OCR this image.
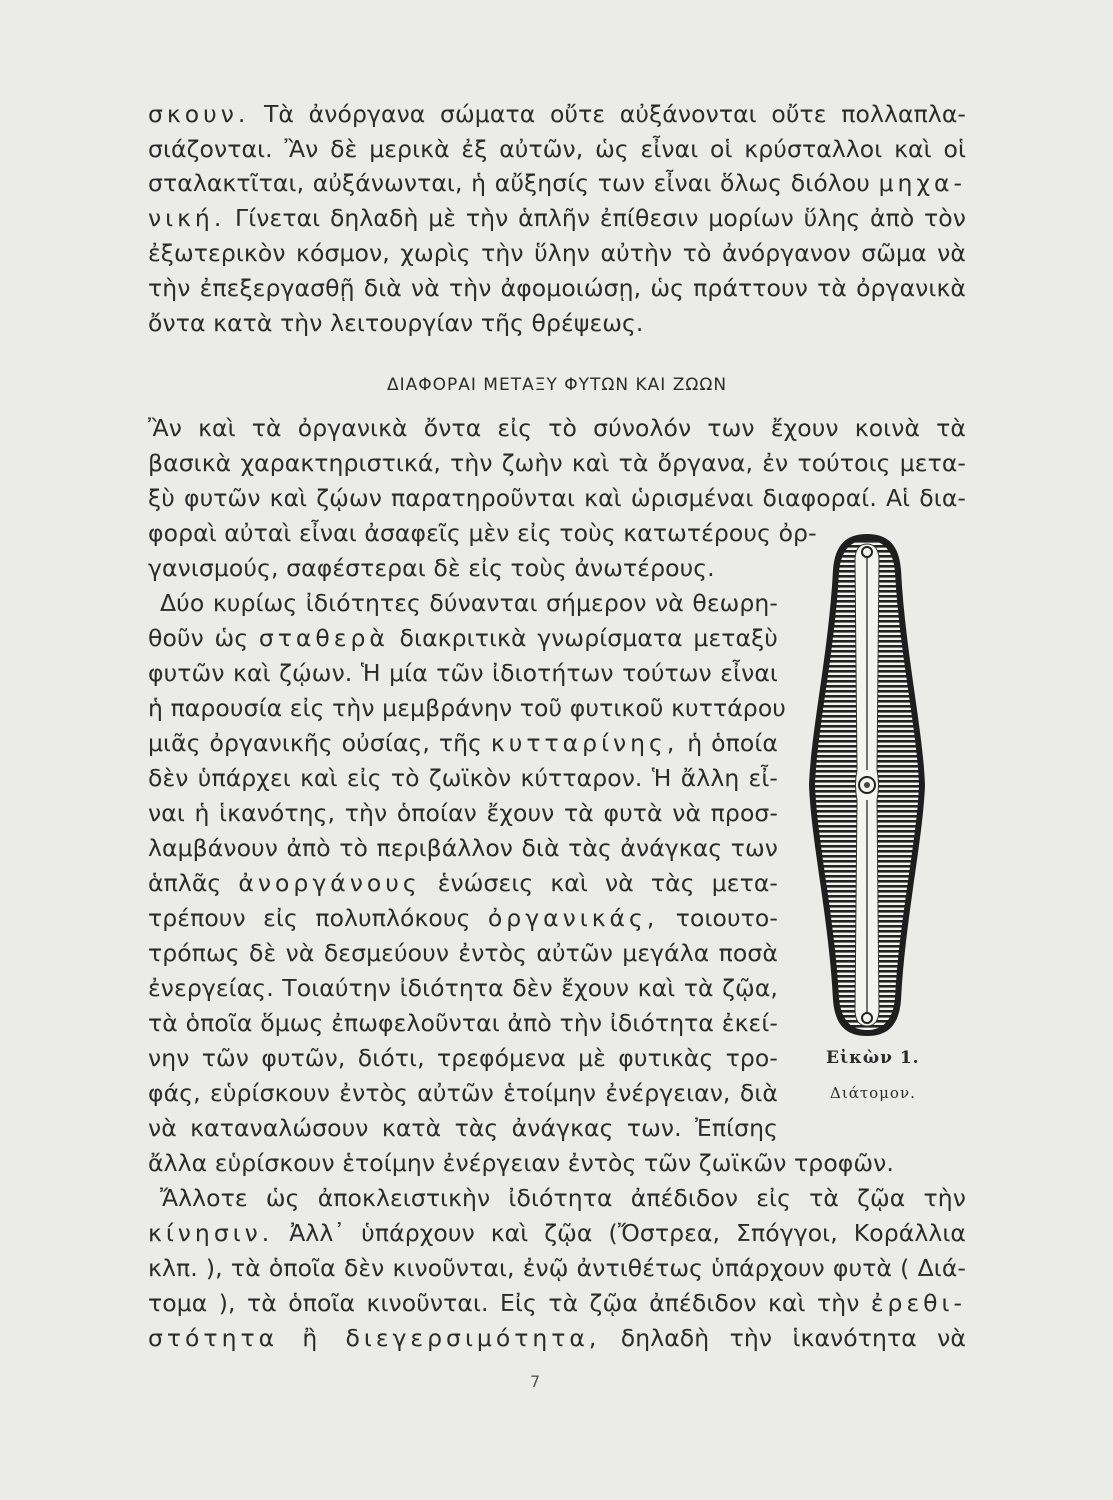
σκουν. Τὰ ἀνόργανα σώματα οὔτε αὐξάνονται οὔτε πολλαπλα-
σιάζονται. Ἂν δὲ μερικὰ ἐξ αὐτῶν, ὡς εἶναι οἱ κρύσταλλοι καὶ οἱ
σταλακτῖται, αὐξάνωνται, ἡ αὔξησίς των εἶναι ὅλως διόλου μηχα-
νική. Γίνεται δηλαδὴ μὲ τὴν ἁπλῆν ἐπίθεσιν μορίων ὕλης ἀπὸ τὸν
ἐξωτερικὸν κόσμον, χωρὶς τὴν ὕλην αὐτὴν τὸ ἀνόργανον σῶμα νὰ
τὴν ἐπεξεργασθῇ διὰ νὰ τὴν ἀφομοιώσῃ, ὡς πράττουν τὰ ὀργανικὰ
ὄντα κατὰ τὴν λειτουργίαν τῆς θρέψεως.
ΔΙΑΦΟΡΑΙ ΜΕΤΑΞΥ ΦΥΤΩΝ ΚΑΙ ΖΩΩΝ
Ἂν καὶ τὰ ὀργανικὰ ὄντα εἰς τὸ σύνολόν των ἔχουν κοινὰ τὰ
βασικὰ χαρακτηριστικά, τὴν ζωὴν καὶ τὰ ὄργανα, ἐν τούτοις μετα-
ξὺ φυτῶν καὶ ζῴων παρατηροῦνται καὶ ὡρισμέναι διαφοραί. Αἱ δια-
φοραὶ αὐταὶ εἶναι ἀσαφεῖς μὲν εἰς τοὺς κατωτέρους ὀρ-
γανισμούς, σαφέστεραι δὲ εἰς τοὺς ἀνωτέρους.
Δύο κυρίως ἰδιότητες δύνανται σήμερον νὰ θεωρη-
θοῦν ὡς σταθερὰ διακριτικὰ γνωρίσματα μεταξὺ
φυτῶν καὶ ζῴων. Ἡ μία τῶν ἰδιοτήτων τούτων εἶναι
ἡ παρουσία εἰς τὴν μεμβράνην τοῦ φυτικοῦ κυττάρου
μιᾶς ὀργανικῆς οὐσίας, τῆς κυτταρίνης, ἡ ὁποία
δὲν ὑπάρχει καὶ εἰς τὸ ζωϊκὸν κύτταρον. Ἡ ἄλλη εἶ-
ναι ἡ ἱκανότης, τὴν ὁποίαν ἔχουν τὰ φυτὰ νὰ προσ-
λαμβάνουν ἀπὸ τὸ περιβάλλον διὰ τὰς ἀνάγκας των
ἁπλᾶς ἀνοργάνους ἑνώσεις καὶ νὰ τὰς μετα-
τρέπουν εἰς πολυπλόκους ὀργανικάς, τοιουτο-
τρόπως δὲ νὰ δεσμεύουν ἐντὸς αὐτῶν μεγάλα ποσὰ
ἐνεργείας. Τοιαύτην ἰδιότητα δὲν ἔχουν καὶ τὰ ζῷα,
τὰ ὁποῖα ὅμως ἐπωφελοῦνται ἀπὸ τὴν ἰδιότητα ἐκεί-
νην τῶν φυτῶν, διότι, τρεφόμενα μὲ φυτικὰς τρο-
φάς, εὑρίσκουν ἐντὸς αὐτῶν ἑτοίμην ἐνέργειαν, διὰ
νὰ καταναλώσουν κατὰ τὰς ἀνάγκας των. Ἐπίσης
ἄλλα εὑρίσκουν ἑτοίμην ἐνέργειαν ἐντὸς τῶν ζωϊκῶν τροφῶν.
Ἄλλοτε ὡς ἀποκλειστικὴν ἰδιότητα ἀπέδιδον εἰς τὰ ζῷα τὴν
κίνησιν. Ἀλλ᾽ ὑπάρχουν καὶ ζῷα (Ὄστρεα, Σπόγγοι, Κοράλλια
κλπ. ), τὰ ὁποῖα δὲν κινοῦνται, ἐνῷ ἀντιθέτως ὑπάρχουν φυτὰ ( Διά-
τομα ), τὰ ὁποῖα κινοῦνται. Εἰς τὰ ζῷα ἀπέδιδον καὶ τὴν ἐρεθι-
στότητα ἢ διεγερσιμότητα, δηλαδὴ τὴν ἱκανότητα νὰ
Εἰκὼν 1.
Διάτομον.
7
